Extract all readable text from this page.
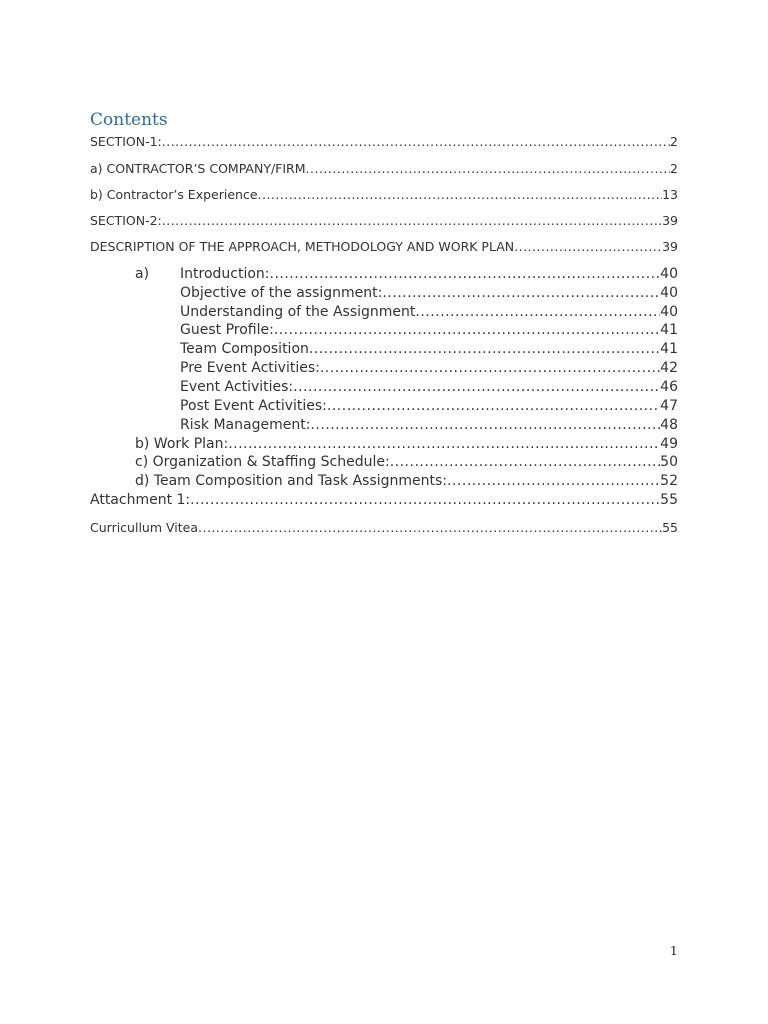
Contents
SECTION-1: .....	2
a) CONTRACTOR’S COMPANY/FIRM .....	2
b) Contractor’s Experience .....	13
SECTION-2: .....	39
DESCRIPTION OF THE APPROACH, METHODOLOGY AND WORK PLAN .....	39
a)	Introduction: .....	40
Objective of the assignment: .....	40
Understanding of the Assignment .....	40
Guest Profile: .....	41
Team Composition .....	41
Pre Event Activities: .....	42
Event Activities: .....	46
Post Event Activities: .....	47
Risk Management: .....	48
b) Work Plan: .....	49
c) Organization & Staffing Schedule: .....	50
d) Team Composition and Task Assignments: .....	52
Attachment 1: .....	55
Curricullum Vitea .....	55
1
